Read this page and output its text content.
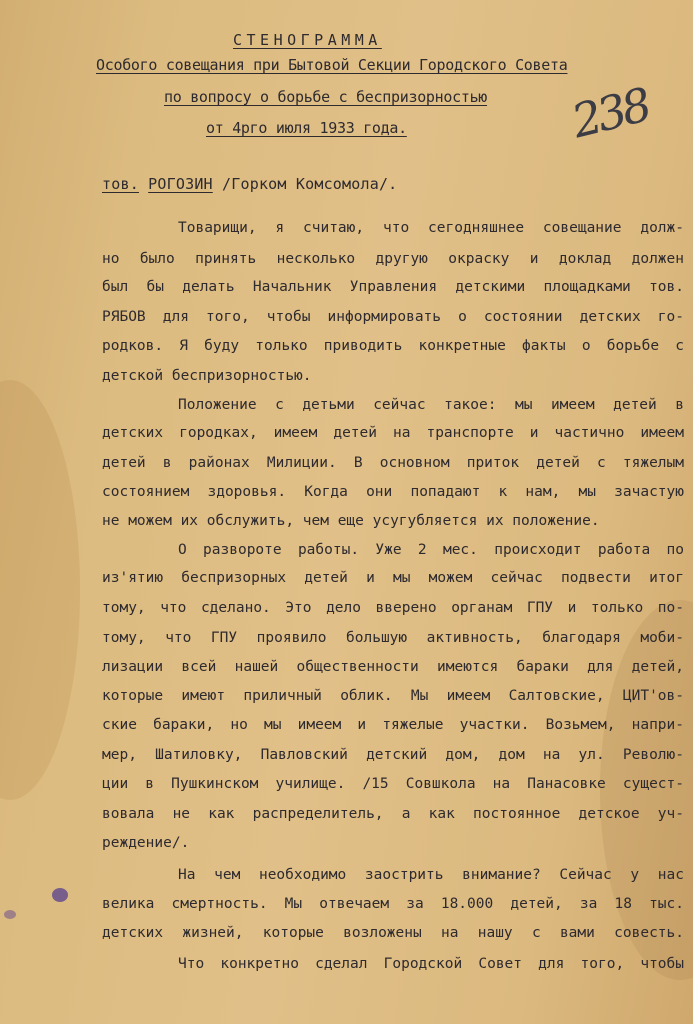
СТЕНОГРАММА
Особого совещания при Бытовой Секции Городского Совета
по вопросу о борьбе с беспризорностью
от 4рго июля 1933 года.	238
тов. РОГОЗИН /Горком Комсомола/.
Товарищи, я считаю, что сегодняшнее совещание долж-
но было принять несколько другую окраску и доклад должен
был бы делать Начальник Управления детскими площадками тов.
РЯБОВ для того, чтобы информировать о состоянии детских го-
родков. Я буду только приводить конкретные факты о борьбе с
детской беспризорностью.
Положение с детьми сейчас такое: мы имеем детей в
детских городках, имеем детей на транспорте и частично имеем
детей в районах Милиции. В основном приток детей с тяжелым
состоянием здоровья. Когда они попадают к нам, мы зачастую
не можем их обслужить, чем еще усугубляется их положение.
О развороте работы. Уже 2 мес. происходит работа по
из'ятию беспризорных детей и мы можем сейчас подвести итог
тому, что сделано. Это дело вверено органам ГПУ и только по-
тому, что ГПУ проявило большую активность, благодаря моби-
лизации всей нашей общественности имеются бараки для детей,
которые имеют приличный облик. Мы имеем Салтовские, ЦИТ'ов-
ские бараки, но мы имеем и тяжелые участки. Возьмем, напри-
мер, Шатиловку, Павловский детский дом, дом на ул. Револю-
ции в Пушкинском училище. /15 Совшкола на Панасовке сущест-
вовала не как распределитель, а как постоянное детское уч-
реждение/.
На чем необходимо заострить внимание? Сейчас у нас
велика смертность. Мы отвечаем за 18.000 детей, за 18 тыс.
детских жизней, которые возложены на нашу с вами совесть.
Что конкретно сделал Городской Совет для того, чтобы
